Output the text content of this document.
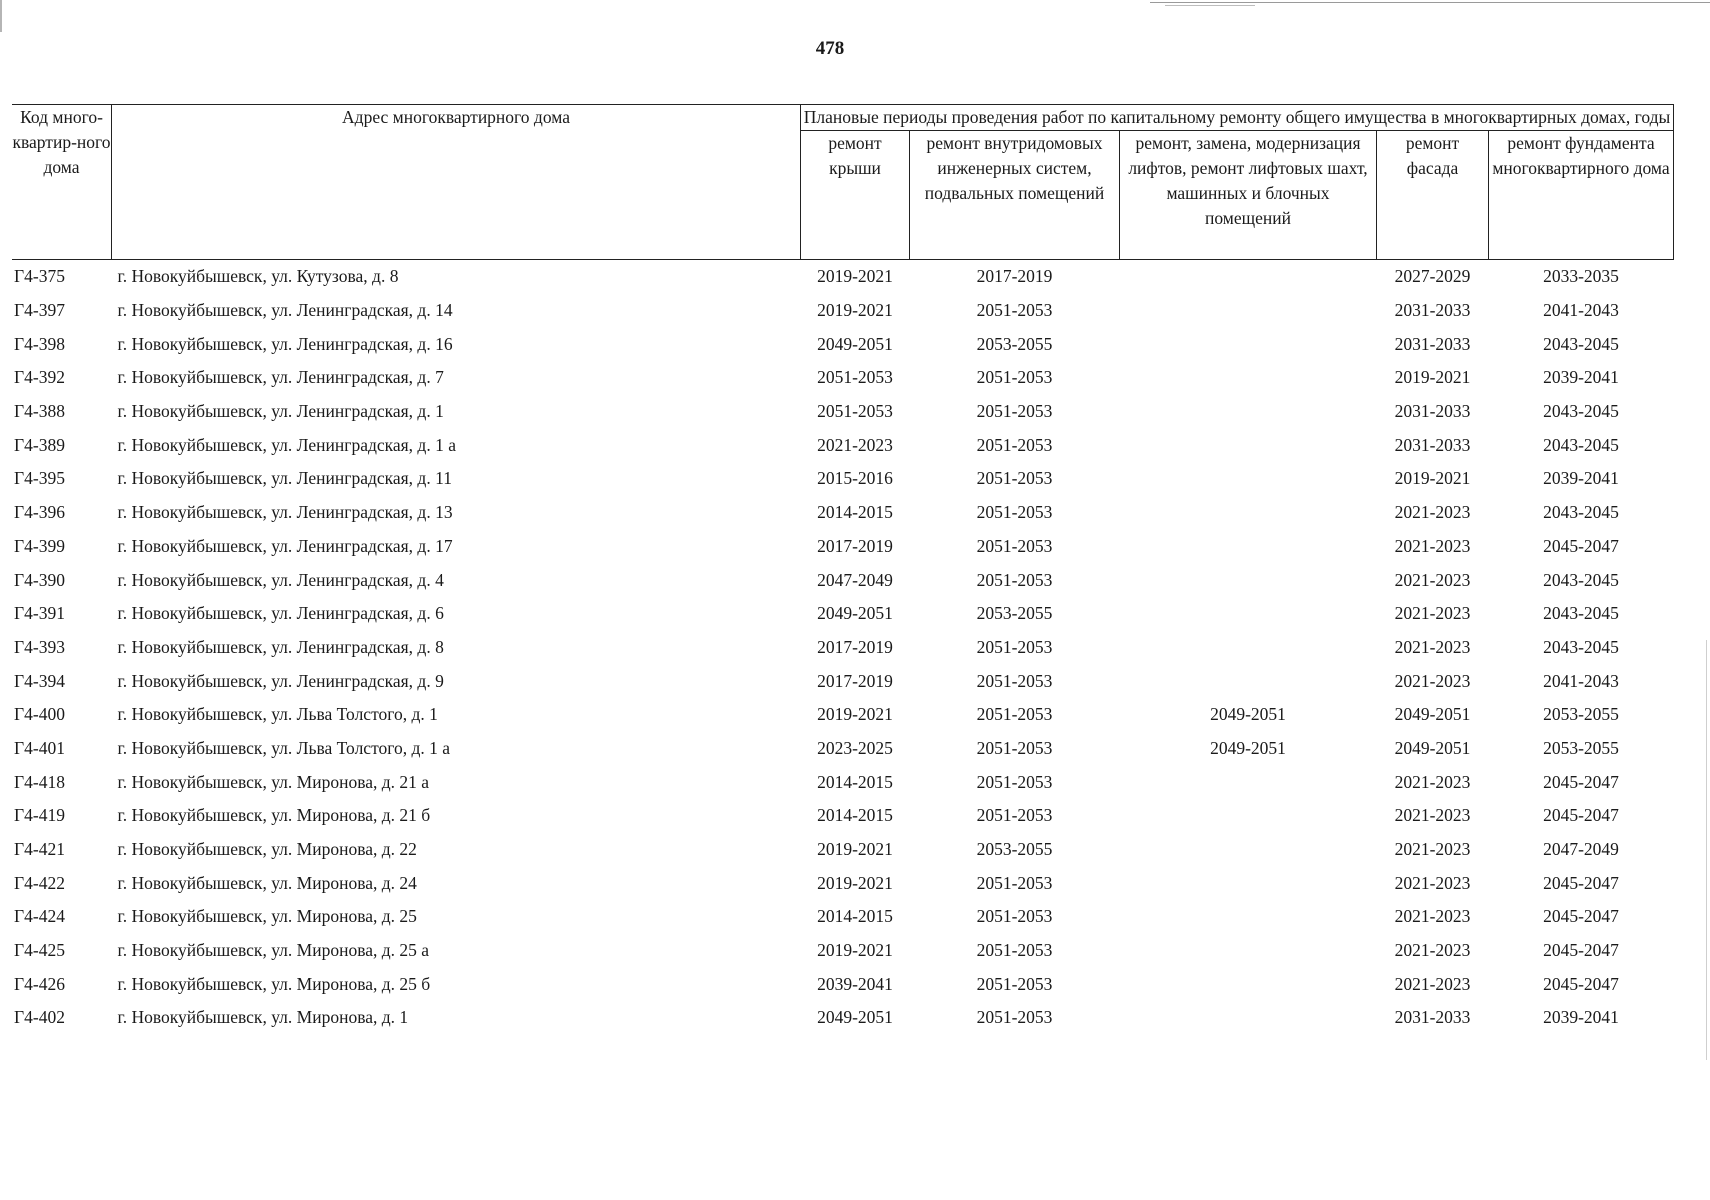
478
Код много-квартир-ного дома	Адрес многоквартирного дома	Плановые периоды проведения работ по капитальному ремонту общего имущества в многоквартирных домах, годы				
		ремонт крыши	ремонт внутридомовых инженерных систем, подвальных помещений	ремонт, замена, модернизация лифтов, ремонт лифтовых шахт, машинных и блочных помещений	ремонт фасада	ремонт фундамента многоквартирного дома
Г4-375	г. Новокуйбышевск, ул. Кутузова, д. 8	2019-2021	2017-2019		2027-2029	2033-2035
Г4-397	г. Новокуйбышевск, ул. Ленинградская, д. 14	2019-2021	2051-2053		2031-2033	2041-2043
Г4-398	г. Новокуйбышевск, ул. Ленинградская, д. 16	2049-2051	2053-2055		2031-2033	2043-2045
Г4-392	г. Новокуйбышевск, ул. Ленинградская, д. 7	2051-2053	2051-2053		2019-2021	2039-2041
Г4-388	г. Новокуйбышевск, ул. Ленинградская, д. 1	2051-2053	2051-2053		2031-2033	2043-2045
Г4-389	г. Новокуйбышевск, ул. Ленинградская, д. 1 а	2021-2023	2051-2053		2031-2033	2043-2045
Г4-395	г. Новокуйбышевск, ул. Ленинградская, д. 11	2015-2016	2051-2053		2019-2021	2039-2041
Г4-396	г. Новокуйбышевск, ул. Ленинградская, д. 13	2014-2015	2051-2053		2021-2023	2043-2045
Г4-399	г. Новокуйбышевск, ул. Ленинградская, д. 17	2017-2019	2051-2053		2021-2023	2045-2047
Г4-390	г. Новокуйбышевск, ул. Ленинградская, д. 4	2047-2049	2051-2053		2021-2023	2043-2045
Г4-391	г. Новокуйбышевск, ул. Ленинградская, д. 6	2049-2051	2053-2055		2021-2023	2043-2045
Г4-393	г. Новокуйбышевск, ул. Ленинградская, д. 8	2017-2019	2051-2053		2021-2023	2043-2045
Г4-394	г. Новокуйбышевск, ул. Ленинградская, д. 9	2017-2019	2051-2053		2021-2023	2041-2043
Г4-400	г. Новокуйбышевск, ул. Льва Толстого, д. 1	2019-2021	2051-2053	2049-2051	2049-2051	2053-2055
Г4-401	г. Новокуйбышевск, ул. Льва Толстого, д. 1 а	2023-2025	2051-2053	2049-2051	2049-2051	2053-2055
Г4-418	г. Новокуйбышевск, ул. Миронова, д. 21 а	2014-2015	2051-2053		2021-2023	2045-2047
Г4-419	г. Новокуйбышевск, ул. Миронова, д. 21 б	2014-2015	2051-2053		2021-2023	2045-2047
Г4-421	г. Новокуйбышевск, ул. Миронова, д. 22	2019-2021	2053-2055		2021-2023	2047-2049
Г4-422	г. Новокуйбышевск, ул. Миронова, д. 24	2019-2021	2051-2053		2021-2023	2045-2047
Г4-424	г. Новокуйбышевск, ул. Миронова, д. 25	2014-2015	2051-2053		2021-2023	2045-2047
Г4-425	г. Новокуйбышевск, ул. Миронова, д. 25 а	2019-2021	2051-2053		2021-2023	2045-2047
Г4-426	г. Новокуйбышевск, ул. Миронова, д. 25 б	2039-2041	2051-2053		2021-2023	2045-2047
Г4-402	г. Новокуйбышевск, ул. Миронова, д. 1	2049-2051	2051-2053		2031-2033	2039-2041
